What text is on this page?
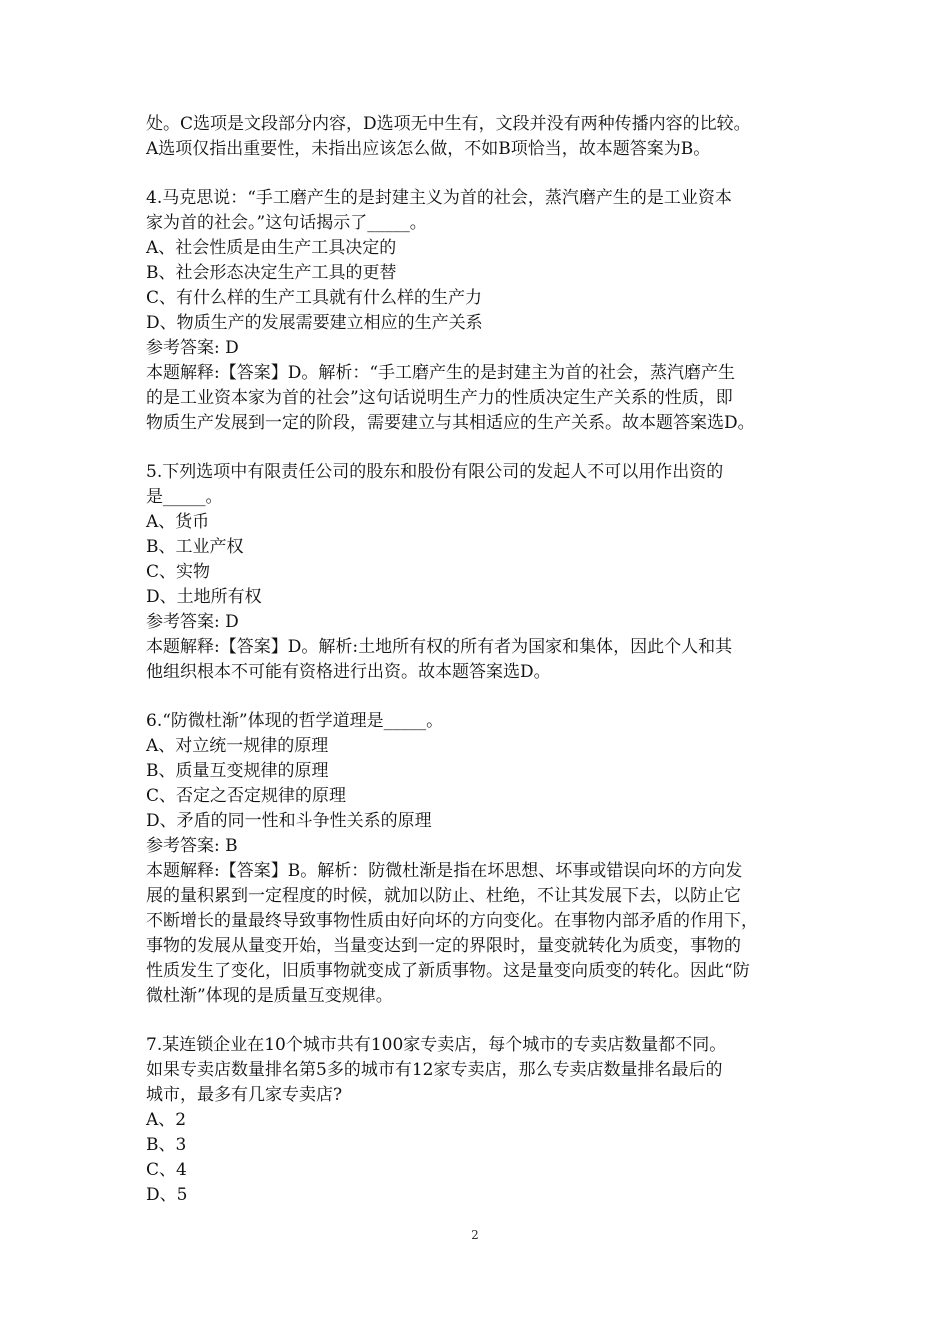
处。C选项是文段部分内容，D选项无中生有，文段并没有两种传播内容的比较。
A选项仅指出重要性，未指出应该怎么做，不如B项恰当，故本题答案为B。
4.马克思说：“手工磨产生的是封建主义为首的社会，蒸汽磨产生的是工业资本
家为首的社会。”这句话揭示了_____。
A、社会性质是由生产工具决定的
B、社会形态决定生产工具的更替
C、有什么样的生产工具就有什么样的生产力
D、物质生产的发展需要建立相应的生产关系
参考答案: D
本题解释:【答案】D。解析：“手工磨产生的是封建主为首的社会，蒸汽磨产生
的是工业资本家为首的社会”这句话说明生产力的性质决定生产关系的性质，即
物质生产发展到一定的阶段，需要建立与其相适应的生产关系。故本题答案选D。
5.下列选项中有限责任公司的股东和股份有限公司的发起人不可以用作出资的
是_____。
A、货币
B、工业产权
C、实物
D、土地所有权
参考答案: D
本题解释:【答案】D。解析:土地所有权的所有者为国家和集体，因此个人和其
他组织根本不可能有资格进行出资。故本题答案选D。
6.“防微杜渐”体现的哲学道理是_____。
A、对立统一规律的原理
B、质量互变规律的原理
C、否定之否定规律的原理
D、矛盾的同一性和斗争性关系的原理
参考答案: B
本题解释:【答案】B。解析：防微杜渐是指在坏思想、坏事或错误向坏的方向发
展的量积累到一定程度的时候，就加以防止、杜绝，不让其发展下去，以防止它
不断增长的量最终导致事物性质由好向坏的方向变化。在事物内部矛盾的作用下，
事物的发展从量变开始，当量变达到一定的界限时，量变就转化为质变，事物的
性质发生了变化，旧质事物就变成了新质事物。这是量变向质变的转化。因此“防
微杜渐”体现的是质量互变规律。
7.某连锁企业在10个城市共有100家专卖店，每个城市的专卖店数量都不同。
如果专卖店数量排名第5多的城市有12家专卖店，那么专卖店数量排名最后的
城市，最多有几家专卖店?
A、2
B、3
C、4
D、5
2
